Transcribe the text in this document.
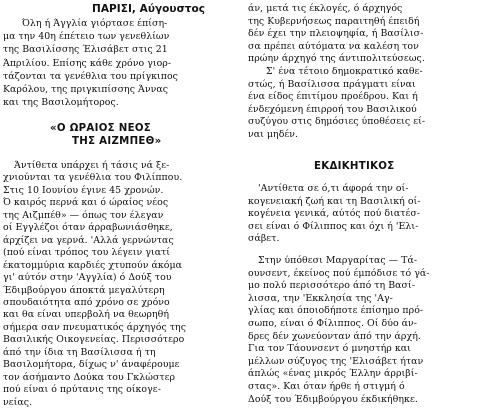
ΠΑΡΙΣΙ, Αύγουστος
Όλη ή Άγγλία γιόρτασε έπίση-
μα την 40η έπέτειο των γενεθλίων
της Βασιλίσσης Έλισάβετ στις 21
Άπριλίου. Επίσης κάθε χρόνο γιορ-
τάζονται τα γενέθλια του πρίγκιπος
Καρόλου, της πριγκιπίσσης Άννας
και της Βασιλομήτορος.
«Ο ΩΡΑΙΟΣ ΝΕΟΣ
ΤΗΣ ΑΙΖΜΠΕΘ»
Άντίθετα υπάρχει ή τάσις νά ξε-
χνιούνται τα γενέθλια του Φιλίππου.
Στις 10 Ιουνίου έγινε 45 χρονών.
Ό καιρός περνά και ό ώραίος νέος
της Αιζμπέθ» — όπως τον έλεγαν
οί Εγγλέζοι όταν άρραβωνιάσθηκε,
άρχίζει να γερνά. 'Αλλά γερνώντας
(πού είναι τρόπος του λέγειν γιατί
έκατομμύρια καρδιές χτυπούν άκόμα
γι' αύτόν στην 'Αγγλία) ό Δούξ του
Έδιμβούργου άποκτά μεγαλύτερη
σπουδαιότητα από χρόνο σε χρόνο
και θα είναι υπερβολή να θεωρηθή
σήμερα σαν πνευματικός άρχηγός της
Βασιλικής Οικογενείας. Περισσότερο
άπό την ίδια τη Βασίλισσα ή τη
Βασιλομήτορα, δίχως ν' άναφέρουμε
τον άσήμαντο Δούκα του Γκλώστερ
πού είναι ό πρύτανις της οίκογε-
νείας.
άν, μετά τις έκλογές, ό άρχηγός
της Κυβερνήσεως παραιτηθή έπειδή
δέν έχει την πλειοψηφία, ή Βασίλισ-
σα πρέπει αύτόματα να καλέση τον
πρώην άρχηγό της άντιπολιτεύσεως.
Σ' ένα τέτοιο δημοκρατικό καθε-
στώς, ή Βασίλισσα πράγματι είναι
ένα είδος έπιτίμου προέδρου. Και ή
ένδεχόμενη έπιρροή του Βασιλικού
συζύγου στις δημόσιες ύποθέσεις εί-
ναι μηδέν.
ΕΚΔΙΚΗΤΙΚΟΣ
'Αντίθετα σε ό,τι άφορά την οί-
κογενειακή ζωή και τη Βασιλική οί-
κογένεια γενικά, αύτός πού διατέσ-
σει είναι ό Φίλιππος και όχι ή 'Ελι-
σάβετ.
Στην ύπόθεσι Μαργαρίτας — Τά-
ουνσεντ, έκείνος πού έμπόδισε τό γά-
μο πολύ περισσότερο άπό τη Βασί-
λισσα, την 'Εκκλησία της 'Αγ-
γλίας και όποιοδήποτε έπίσημο πρό-
σωπο, είναι ό Φίλιππος. Οί δύο άν-
δρες δέν χωνεύονταν άπό την άρχή.
Για τον Τάουνσεντ ό μνηστήρ και
μέλλων σύζυγος της 'Ελισάβετ ήταν
άπλώς «ένας μικρός Έλλην άρριβί-
στας». Και όταν ήρθε ή στιγμή ό
Δούξ του Έδιμβούργου έκδικήθηκε.
